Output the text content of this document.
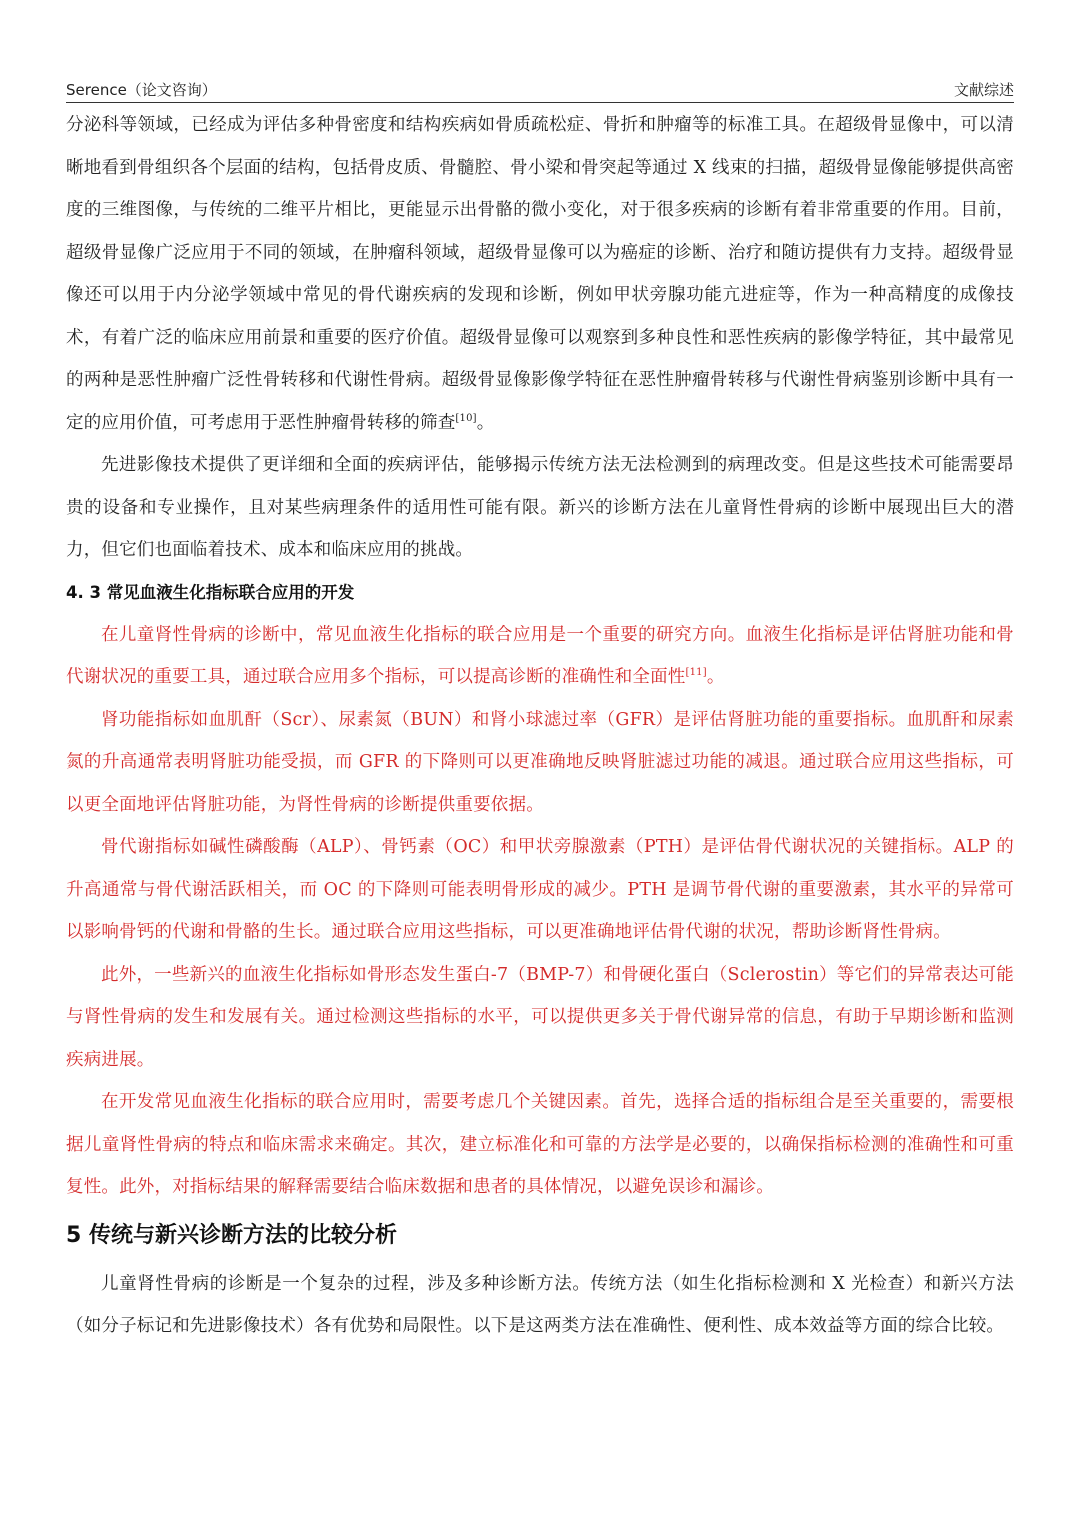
Serence（论文咨询）	文献综述

分泌科等领域，已经成为评估多种骨密度和结构疾病如骨质疏松症、骨折和肿瘤等的标准工具。在超级骨显像中，可以清晰地看到骨组织各个层面的结构，包括骨皮质、骨髓腔、骨小梁和骨突起等通过 X 线束的扫描，超级骨显像能够提供高密度的三维图像，与传统的二维平片相比，更能显示出骨骼的微小变化，对于很多疾病的诊断有着非常重要的作用。目前，超级骨显像广泛应用于不同的领域，在肿瘤科领域，超级骨显像可以为癌症的诊断、治疗和随访提供有力支持。超级骨显像还可以用于内分泌学领域中常见的骨代谢疾病的发现和诊断，例如甲状旁腺功能亢进症等，作为一种高精度的成像技术，有着广泛的临床应用前景和重要的医疗价值。超级骨显像可以观察到多种良性和恶性疾病的影像学特征，其中最常见的两种是恶性肿瘤广泛性骨转移和代谢性骨病。超级骨显像影像学特征在恶性肿瘤骨转移与代谢性骨病鉴别诊断中具有一定的应用价值，可考虑用于恶性肿瘤骨转移的筛查[10]。

先进影像技术提供了更详细和全面的疾病评估，能够揭示传统方法无法检测到的病理改变。但是这些技术可能需要昂贵的设备和专业操作，且对某些病理条件的适用性可能有限。新兴的诊断方法在儿童肾性骨病的诊断中展现出巨大的潜力，但它们也面临着技术、成本和临床应用的挑战。

4. 3 常见血液生化指标联合应用的开发

在儿童肾性骨病的诊断中，常见血液生化指标的联合应用是一个重要的研究方向。血液生化指标是评估肾脏功能和骨代谢状况的重要工具，通过联合应用多个指标，可以提高诊断的准确性和全面性[11]。

肾功能指标如血肌酐（Scr）、尿素氮（BUN）和肾小球滤过率（GFR）是评估肾脏功能的重要指标。血肌酐和尿素氮的升高通常表明肾脏功能受损，而 GFR 的下降则可以更准确地反映肾脏滤过功能的减退。通过联合应用这些指标，可以更全面地评估肾脏功能，为肾性骨病的诊断提供重要依据。

骨代谢指标如碱性磷酸酶（ALP）、骨钙素（OC）和甲状旁腺激素（PTH）是评估骨代谢状况的关键指标。ALP 的升高通常与骨代谢活跃相关，而 OC 的下降则可能表明骨形成的减少。PTH 是调节骨代谢的重要激素，其水平的异常可以影响骨钙的代谢和骨骼的生长。通过联合应用这些指标，可以更准确地评估骨代谢的状况，帮助诊断肾性骨病。

此外，一些新兴的血液生化指标如骨形态发生蛋白-7（BMP-7）和骨硬化蛋白（Sclerostin）等它们的异常表达可能与肾性骨病的发生和发展有关。通过检测这些指标的水平，可以提供更多关于骨代谢异常的信息，有助于早期诊断和监测疾病进展。

在开发常见血液生化指标的联合应用时，需要考虑几个关键因素。首先，选择合适的指标组合是至关重要的，需要根据儿童肾性骨病的特点和临床需求来确定。其次，建立标准化和可靠的方法学是必要的，以确保指标检测的准确性和可重复性。此外，对指标结果的解释需要结合临床数据和患者的具体情况，以避免误诊和漏诊。

5 传统与新兴诊断方法的比较分析

儿童肾性骨病的诊断是一个复杂的过程，涉及多种诊断方法。传统方法（如生化指标检测和 X 光检查）和新兴方法（如分子标记和先进影像技术）各有优势和局限性。以下是这两类方法在准确性、便利性、成本效益等方面的综合比较。
